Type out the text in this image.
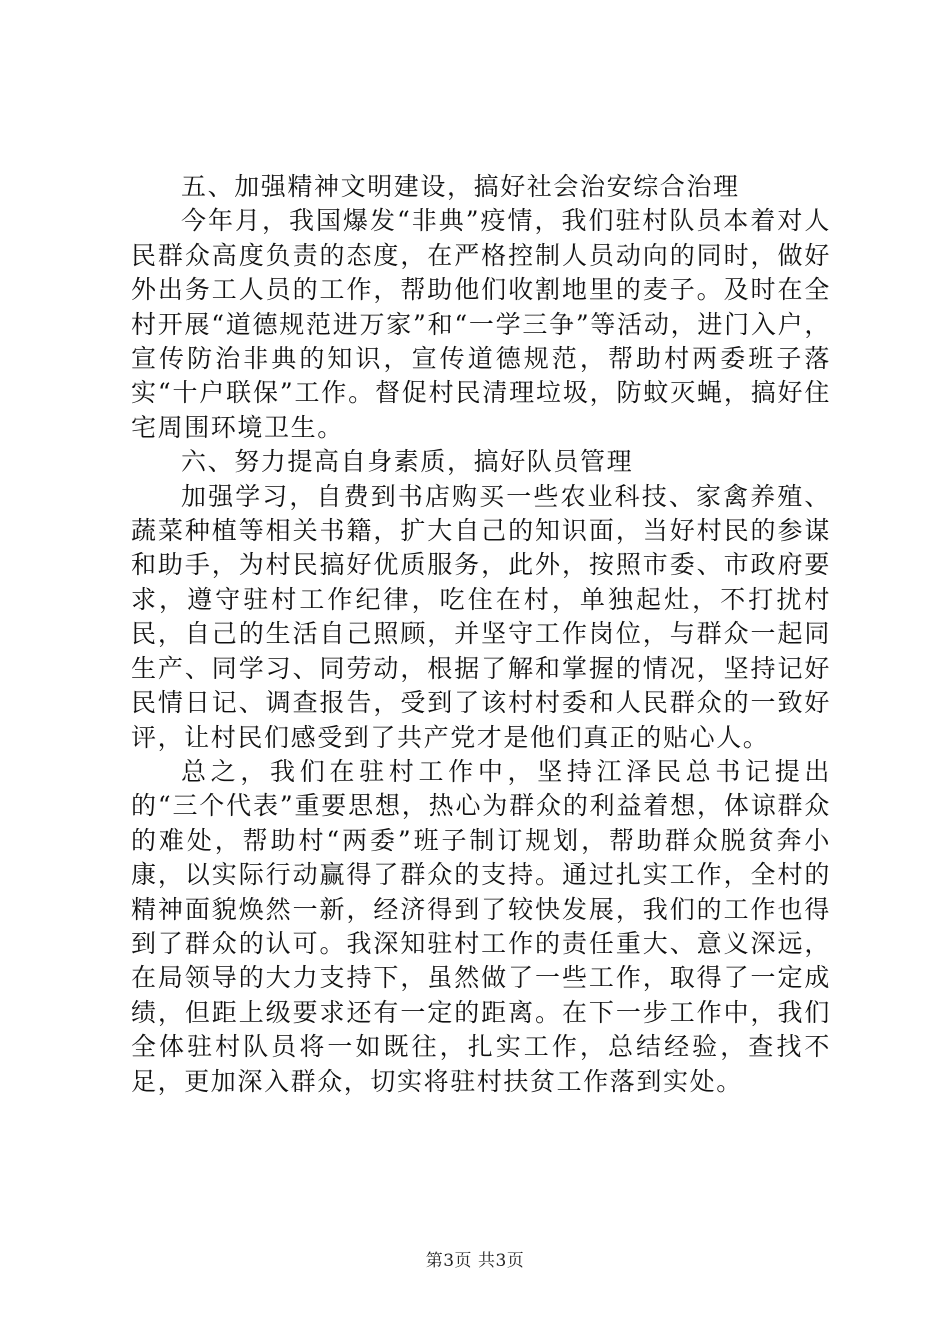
五、加强精神文明建设，搞好社会治安综合治理

今年月，我国爆发“非典”疫情，我们驻村队员本着对人民群众高度负责的态度，在严格控制人员动向的同时，做好外出务工人员的工作，帮助他们收割地里的麦子。及时在全村开展“道德规范进万家”和“一学三争”等活动，进门入户，宣传防治非典的知识，宣传道德规范，帮助村两委班子落实“十户联保”工作。督促村民清理垃圾，防蚊灭蝇，搞好住宅周围环境卫生。

六、努力提高自身素质，搞好队员管理

加强学习，自费到书店购买一些农业科技、家禽养殖、蔬菜种植等相关书籍，扩大自己的知识面，当好村民的参谋和助手，为村民搞好优质服务，此外，按照市委、市政府要求，遵守驻村工作纪律，吃住在村，单独起灶，不打扰村民，自己的生活自己照顾，并坚守工作岗位，与群众一起同生产、同学习、同劳动，根据了解和掌握的情况，坚持记好民情日记、调查报告，受到了该村村委和人民群众的一致好评，让村民们感受到了共产党才是他们真正的贴心人。

总之，我们在驻村工作中，坚持江泽民总书记提出的“三个代表”重要思想，热心为群众的利益着想，体谅群众的难处，帮助村“两委”班子制订规划，帮助群众脱贫奔小康，以实际行动赢得了群众的支持。通过扎实工作，全村的精神面貌焕然一新，经济得到了较快发展，我们的工作也得到了群众的认可。我深知驻村工作的责任重大、意义深远，在局领导的大力支持下，虽然做了一些工作，取得了一定成绩，但距上级要求还有一定的距离。在下一步工作中，我们全体驻村队员将一如既往，扎实工作，总结经验，查找不足，更加深入群众，切实将驻村扶贫工作落到实处。

第3页 共3页
